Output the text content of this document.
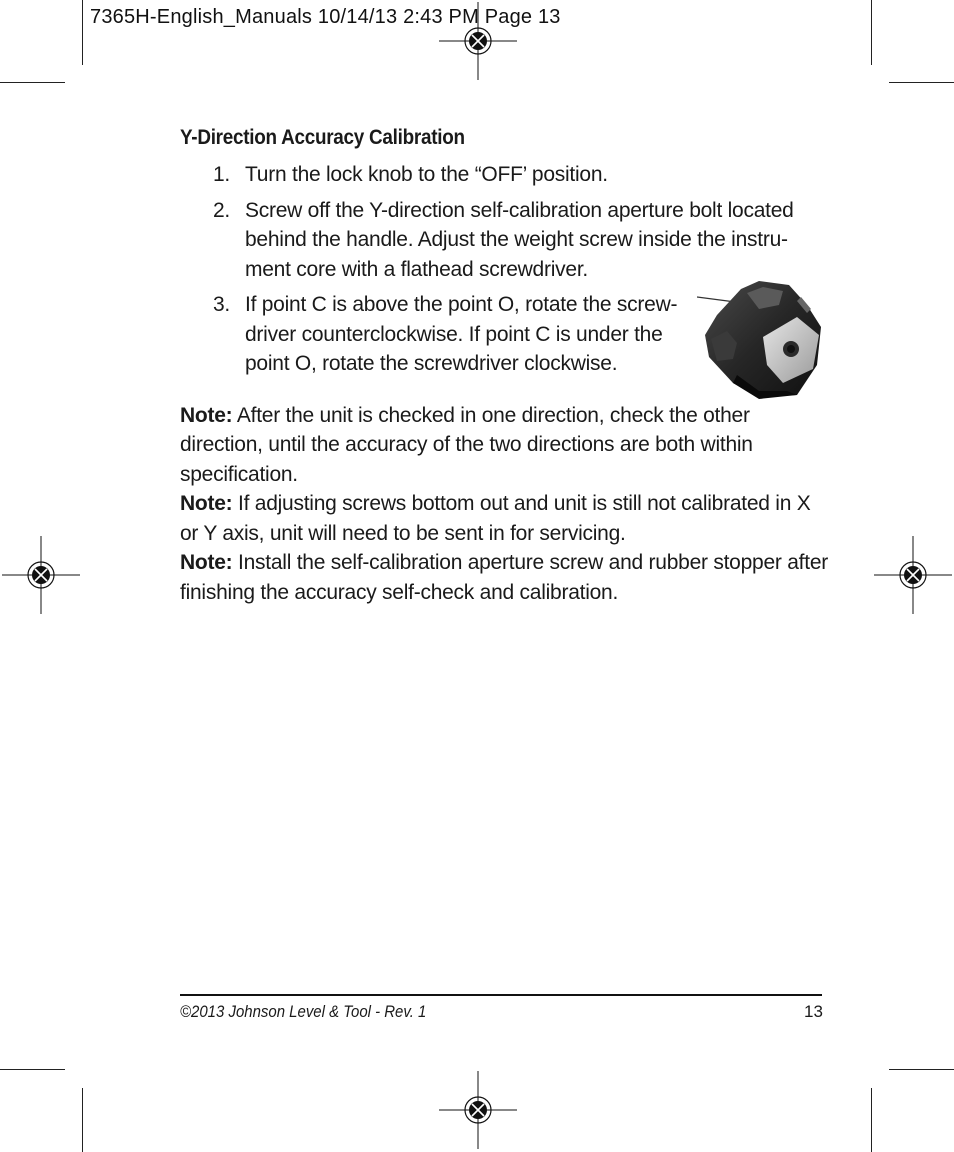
7365H-English_Manuals 10/14/13 2:43 PM Page 13
Y-Direction Accuracy Calibration
1. Turn the lock knob to the “OFF’ position.
2. Screw off the Y-direction self-calibration aperture bolt located behind the handle. Adjust the weight screw inside the instru-ment core with a flathead screwdriver.
3. If point C is above the point O, rotate the screw-driver counterclockwise. If point C is under the point O, rotate the screwdriver clockwise.

Note: After the unit is checked in one direction, check the other direction, until the accuracy of the two directions are both within specification.

Note: If adjusting screws bottom out and unit is still not calibrated in X or Y axis, unit will need to be sent in for servicing.

Note: Install the self-calibration aperture screw and rubber stopper after finishing the accuracy self-check and calibration.

©2013 Johnson Level & Tool - Rev. 1	13
